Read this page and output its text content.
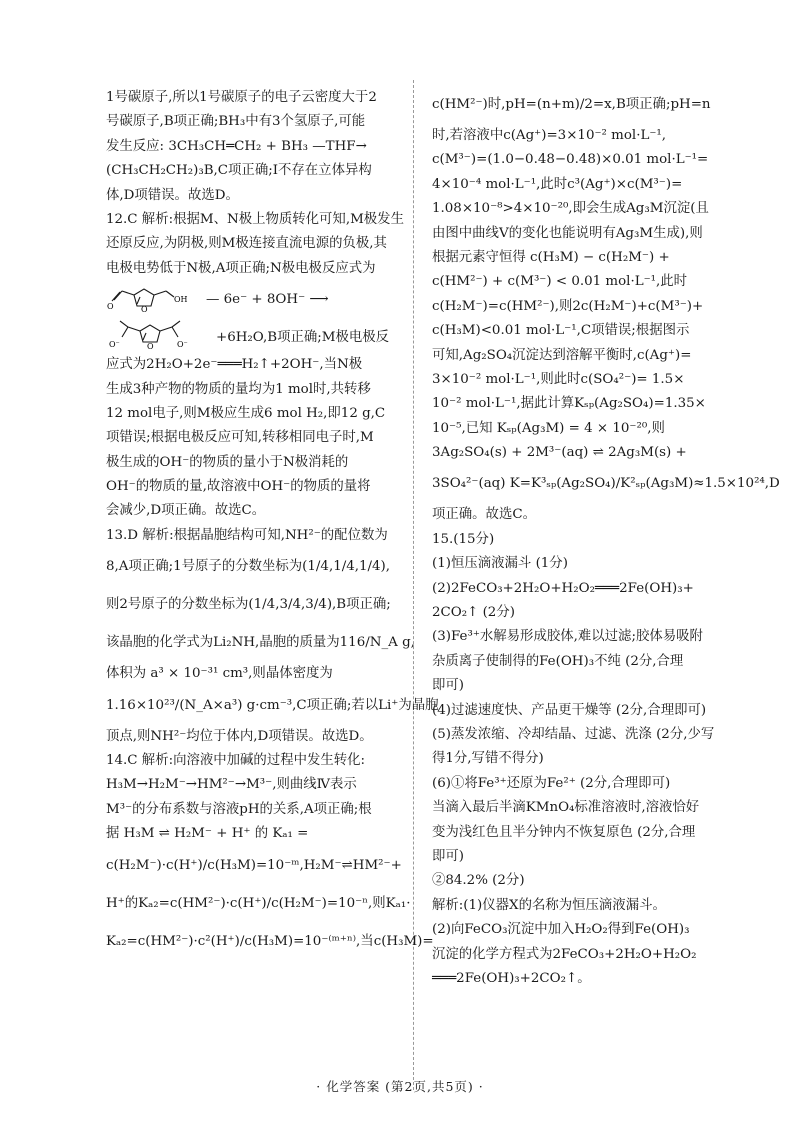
1号碳原子,所以1号碳原子的电子云密度大于2
号碳原子,B项正确;BH₃中有3个氢原子,可能
发生反应: 3CH₃CH═CH₂ + BH₃ —THF→
(CH₃CH₂CH₂)₃B,C项正确;Ⅰ不存在立体异构
体,D项错误。故选D。
12.C 解析:根据M、N极上物质转化可知,M极发生
还原反应,为阴极,则M极连接直流电源的负极,其
电极电势低于N极,A项正确;N极电极反应式为
O
O
OH — 6e⁻ + 8OH⁻ ⟶
O
O⁻	O⁻ +6H₂O,B项正确;M极电极反
应式为2H₂O+2e⁻═══H₂↑+2OH⁻,当N极
生成3种产物的物质的量均为1 mol时,共转移
12 mol电子,则M极应生成6 mol H₂,即12 g,C
项错误;根据电极反应可知,转移相同电子时,M
极生成的OH⁻的物质的量小于N极消耗的
OH⁻的物质的量,故溶液中OH⁻的物质的量将
会减少,D项正确。故选C。
13.D 解析:根据晶胞结构可知,NH²⁻的配位数为
8,A项正确;1号原子的分数坐标为(1/4,1/4,1/4),
则2号原子的分数坐标为(1/4,3/4,3/4),B项正确;
该晶胞的化学式为Li₂NH,晶胞的质量为116/N_A g,
体积为 a³ × 10⁻³¹ cm³,则晶体密度为
1.16×10²³/(N_A×a³) g·cm⁻³,C项正确;若以Li⁺为晶胞
顶点,则NH²⁻均位于体内,D项错误。故选D。
14.C 解析:向溶液中加碱的过程中发生转化:
H₃M→H₂M⁻→HM²⁻→M³⁻,则曲线Ⅳ表示
M³⁻的分布系数与溶液pH的关系,A项正确;根
据 H₃M ⇌ H₂M⁻ + H⁺ 的 Kₐ₁ =
c(H₂M⁻)·c(H⁺)/c(H₃M)=10⁻ᵐ,H₂M⁻⇌HM²⁻+
H⁺的Kₐ₂=c(HM²⁻)·c(H⁺)/c(H₂M⁻)=10⁻ⁿ,则Kₐ₁·
Kₐ₂=c(HM²⁻)·c²(H⁺)/c(H₃M)=10⁻⁽ᵐ⁺ⁿ⁾,当c(H₃M)=
c(HM²⁻)时,pH=(n+m)/2=x,B项正确;pH=n
时,若溶液中c(Ag⁺)=3×10⁻² mol·L⁻¹,
c(M³⁻)=(1.0−0.48−0.48)×0.01 mol·L⁻¹=
4×10⁻⁴ mol·L⁻¹,此时c³(Ag⁺)×c(M³⁻)=
1.08×10⁻⁸>4×10⁻²⁰,即会生成Ag₃M沉淀(且
由图中曲线Ⅴ的变化也能说明有Ag₃M生成),则
根据元素守恒得 c(H₃M) − c(H₂M⁻) +
c(HM²⁻) + c(M³⁻) < 0.01 mol·L⁻¹,此时
c(H₂M⁻)=c(HM²⁻),则2c(H₂M⁻)+c(M³⁻)+
c(H₃M)<0.01 mol·L⁻¹,C项错误;根据图示
可知,Ag₂SO₄沉淀达到溶解平衡时,c(Ag⁺)=
3×10⁻² mol·L⁻¹,则此时c(SO₄²⁻)= 1.5×
10⁻² mol·L⁻¹,据此计算Kₛₚ(Ag₂SO₄)=1.35×
10⁻⁵,已知 Kₛₚ(Ag₃M) = 4 × 10⁻²⁰,则
3Ag₂SO₄(s) + 2M³⁻(aq) ⇌ 2Ag₃M(s) +
3SO₄²⁻(aq) K=K³ₛₚ(Ag₂SO₄)/K²ₛₚ(Ag₃M)≈1.5×10²⁴,D
项正确。故选C。
15.(15分)
(1)恒压滴液漏斗 (1分)
(2)2FeCO₃+2H₂O+H₂O₂═══2Fe(OH)₃+
2CO₂↑ (2分)
(3)Fe³⁺水解易形成胶体,难以过滤;胶体易吸附
杂质离子使制得的Fe(OH)₃不纯 (2分,合理
即可)
(4)过滤速度快、产品更干燥等 (2分,合理即可)
(5)蒸发浓缩、冷却结晶、过滤、洗涤 (2分,少写
得1分,写错不得分)
(6)①将Fe³⁺还原为Fe²⁺ (2分,合理即可)
当滴入最后半滴KMnO₄标准溶液时,溶液恰好
变为浅红色且半分钟内不恢复原色 (2分,合理
即可)
②84.2% (2分)
解析:(1)仪器X的名称为恒压滴液漏斗。
(2)向FeCO₃沉淀中加入H₂O₂得到Fe(OH)₃
沉淀的化学方程式为2FeCO₃+2H₂O+H₂O₂
═══2Fe(OH)₃+2CO₂↑。
· 化学答案 (第2页,共5页) ·
